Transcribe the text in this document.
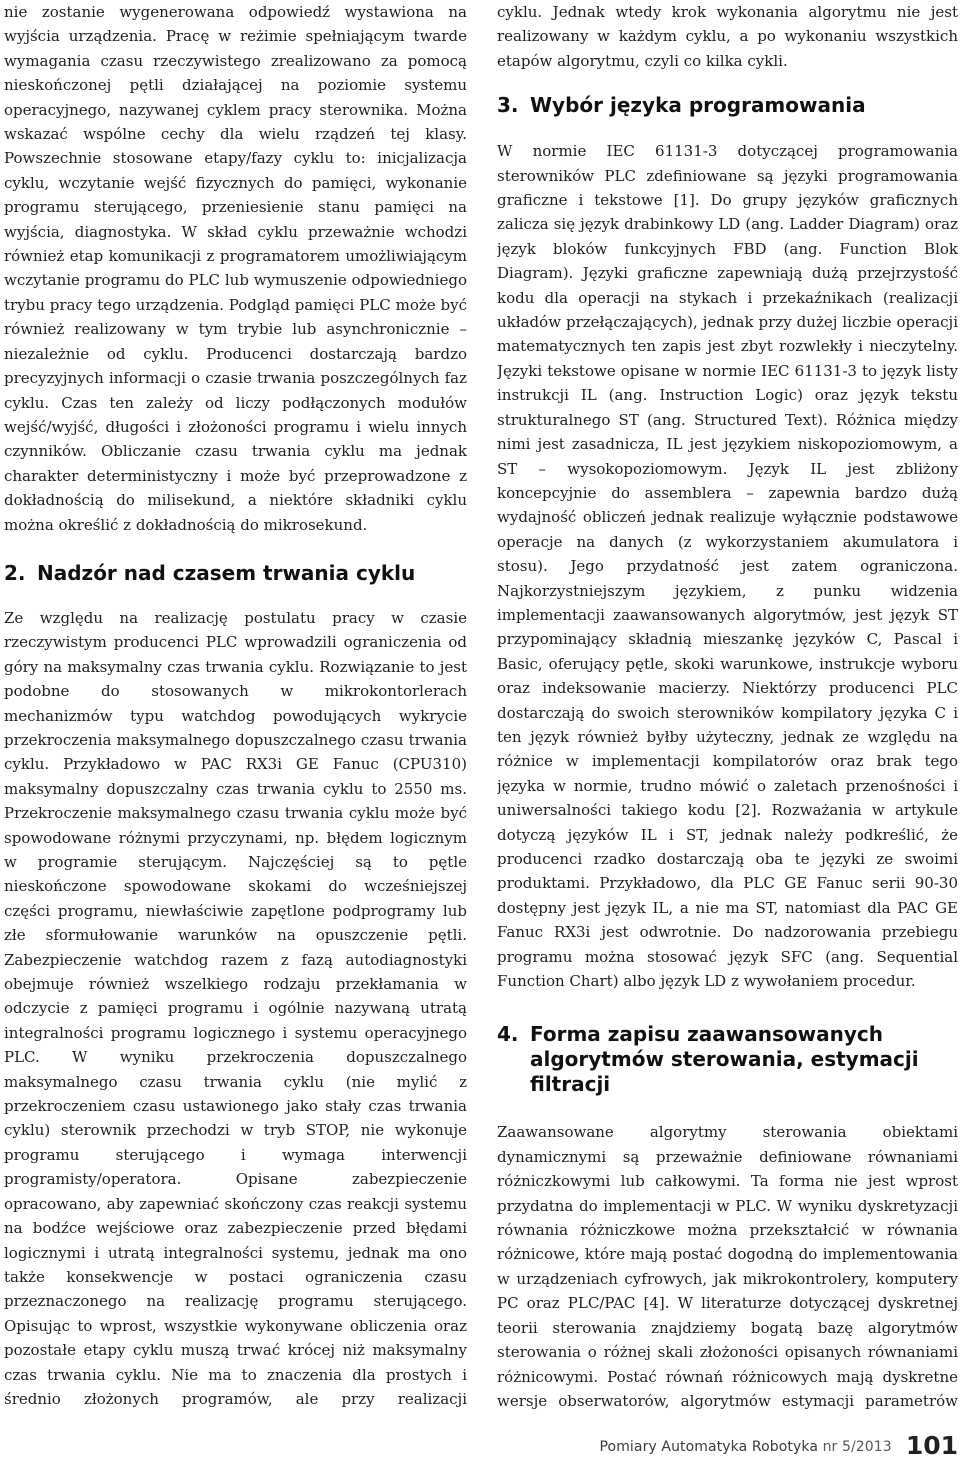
nie zostanie wygenerowana odpowiedź wystawiona na wyjścia urządzenia. Pracę w reżimie spełniającym twarde wymagania czasu rzeczywistego zrealizowano za pomocą nieskończonej pętli działającej na poziomie systemu operacyjnego, nazywanej cyklem pracy sterownika. Można wskazać wspólne cechy dla wielu rządzeń tej klasy. Powszechnie stosowane etapy/fazy cyklu to: inicjalizacja cyklu, wczytanie wejść fizycznych do pamięci, wykonanie programu sterującego, przeniesienie stanu pamięci na wyjścia, diagnostyka. W skład cyklu przeważnie wchodzi również etap komunikacji z programatorem umożliwiającym wczytanie programu do PLC lub wymuszenie odpowiedniego trybu pracy tego urządzenia. Podgląd pamięci PLC może być również realizowany w tym trybie lub asynchronicznie – niezależnie od cyklu. Producenci dostarczają bardzo precyzyjnych informacji o czasie trwania poszczególnych faz cyklu. Czas ten zależy od liczy podłączonych modułów wejść/wyjść, długości i złożoności programu i wielu innych czynników. Obliczanie czasu trwania cyklu ma jednak charakter deterministyczny i może być przeprowadzone z dokładnością do milisekund, a niektóre składniki cyklu można określić z dokładnością do mikrosekund.

2. Nadzór nad czasem trwania cyklu

Ze względu na realizację postulatu pracy w czasie rzeczywistym producenci PLC wprowadzili ograniczenia od góry na maksymalny czas trwania cyklu. Rozwiązanie to jest podobne do stosowanych w mikrokontorlerach mechanizmów typu watchdog powodujących wykrycie przekroczenia maksymalnego dopuszczalnego czasu trwania cyklu. Przykładowo w PAC RX3i GE Fanuc (CPU310) maksymalny dopuszczalny czas trwania cyklu to 2550 ms. Przekroczenie maksymalnego czasu trwania cyklu może być spowodowane różnymi przyczynami, np. błędem logicznym w programie sterującym. Najczęściej są to pętle nieskończone spowodowane skokami do wcześniejszej części programu, niewłaściwie zapętlone podprogramy lub złe sformułowanie warunków na opuszczenie pętli. Zabezpieczenie watchdog razem z fazą autodiagnostyki obejmuje również wszelkiego rodzaju przekłamania w odczycie z pamięci programu i ogólnie nazywaną utratą integralności programu logicznego i systemu operacyjnego PLC. W wyniku przekroczenia dopuszczalnego maksymalnego czasu trwania cyklu (nie mylić z przekroczeniem czasu ustawionego jako stały czas trwania cyklu) sterownik przechodzi w tryb STOP, nie wykonuje programu sterującego i wymaga interwencji programisty/operatora. Opisane zabezpieczenie opracowano, aby zapewniać skończony czas reakcji systemu na bodźce wejściowe oraz zabezpieczenie przed błędami logicznymi i utratą integralności systemu, jednak ma ono także konsekwencje w postaci ograniczenia czasu przeznaczonego na realizację programu sterującego. Opisując to wprost, wszystkie wykonywane obliczenia oraz pozostałe etapy cyklu muszą trwać krócej niż maksymalny czas trwania cyklu. Nie ma to znaczenia dla prostych i średnio złożonych programów, ale przy realizacji

cyklu. Jednak wtedy krok wykonania algorytmu nie jest realizowany w każdym cyklu, a po wykonaniu wszystkich etapów algorytmu, czyli co kilka cykli.

3. Wybór języka programowania

W normie IEC 61131-3 dotyczącej programowania sterowników PLC zdefiniowane są języki programowania graficzne i tekstowe [1]. Do grupy języków graficznych zalicza się język drabinkowy LD (ang. Ladder Diagram) oraz język bloków funkcyjnych FBD (ang. Function Blok Diagram). Języki graficzne zapewniają dużą przejrzystość kodu dla operacji na stykach i przekaźnikach (realizacji układów przełączających), jednak przy dużej liczbie operacji matematycznych ten zapis jest zbyt rozwlekły i nieczytelny. Języki tekstowe opisane w normie IEC 61131-3 to język listy instrukcji IL (ang. Instruction Logic) oraz język tekstu strukturalnego ST (ang. Structured Text). Różnica między nimi jest zasadnicza, IL jest językiem niskopoziomowym, a ST – wysokopoziomowym. Język IL jest zbliżony koncepcyjnie do assemblera – zapewnia bardzo dużą wydajność obliczeń jednak realizuje wyłącznie podstawowe operacje na danych (z wykorzystaniem akumulatora i stosu). Jego przydatność jest zatem ograniczona. Najkorzystniejszym językiem, z punku widzenia implementacji zaawansowanych algorytmów, jest język ST przypominający składnią mieszankę języków C, Pascal i Basic, oferujący pętle, skoki warunkowe, instrukcje wyboru oraz indeksowanie macierzy. Niektórzy producenci PLC dostarczają do swoich sterowników kompilatory języka C i ten język również byłby użyteczny, jednak ze względu na różnice w implementacji kompilatorów oraz brak tego języka w normie, trudno mówić o zaletach przenośności i uniwersalności takiego kodu [2]. Rozważania w artykule dotyczą języków IL i ST, jednak należy podkreślić, że producenci rzadko dostarczają oba te języki ze swoimi produktami. Przykładowo, dla PLC GE Fanuc serii 90-30 dostępny jest język IL, a nie ma ST, natomiast dla PAC GE Fanuc RX3i jest odwrotnie. Do nadzorowania przebiegu programu można stosować język SFC (ang. Sequential Function Chart) albo język LD z wywołaniem procedur.

4. Forma zapisu zaawansowanych algorytmów sterowania, estymacji filtracji

Zaawansowane algorytmy sterowania obiektami dynamicznymi są przeważnie definiowane równaniami różniczkowymi lub całkowymi. Ta forma nie jest wprost przydatna do implementacji w PLC. W wyniku dyskretyzacji równania różniczkowe można przekształcić w równania różnicowe, które mają postać dogodną do implementowania w urządzeniach cyfrowych, jak mikrokontrolery, komputery PC oraz PLC/PAC [4]. W literaturze dotyczącej dyskretnej teorii sterowania znajdziemy bogatą bazę algorytmów sterowania o różnej skali złożoności opisanych równaniami różnicowymi. Postać równań różnicowych mają dyskretne wersje obserwatorów, algorytmów estymacji parametrów

Pomiary Automatyka Robotyka nr 5/2013 101
